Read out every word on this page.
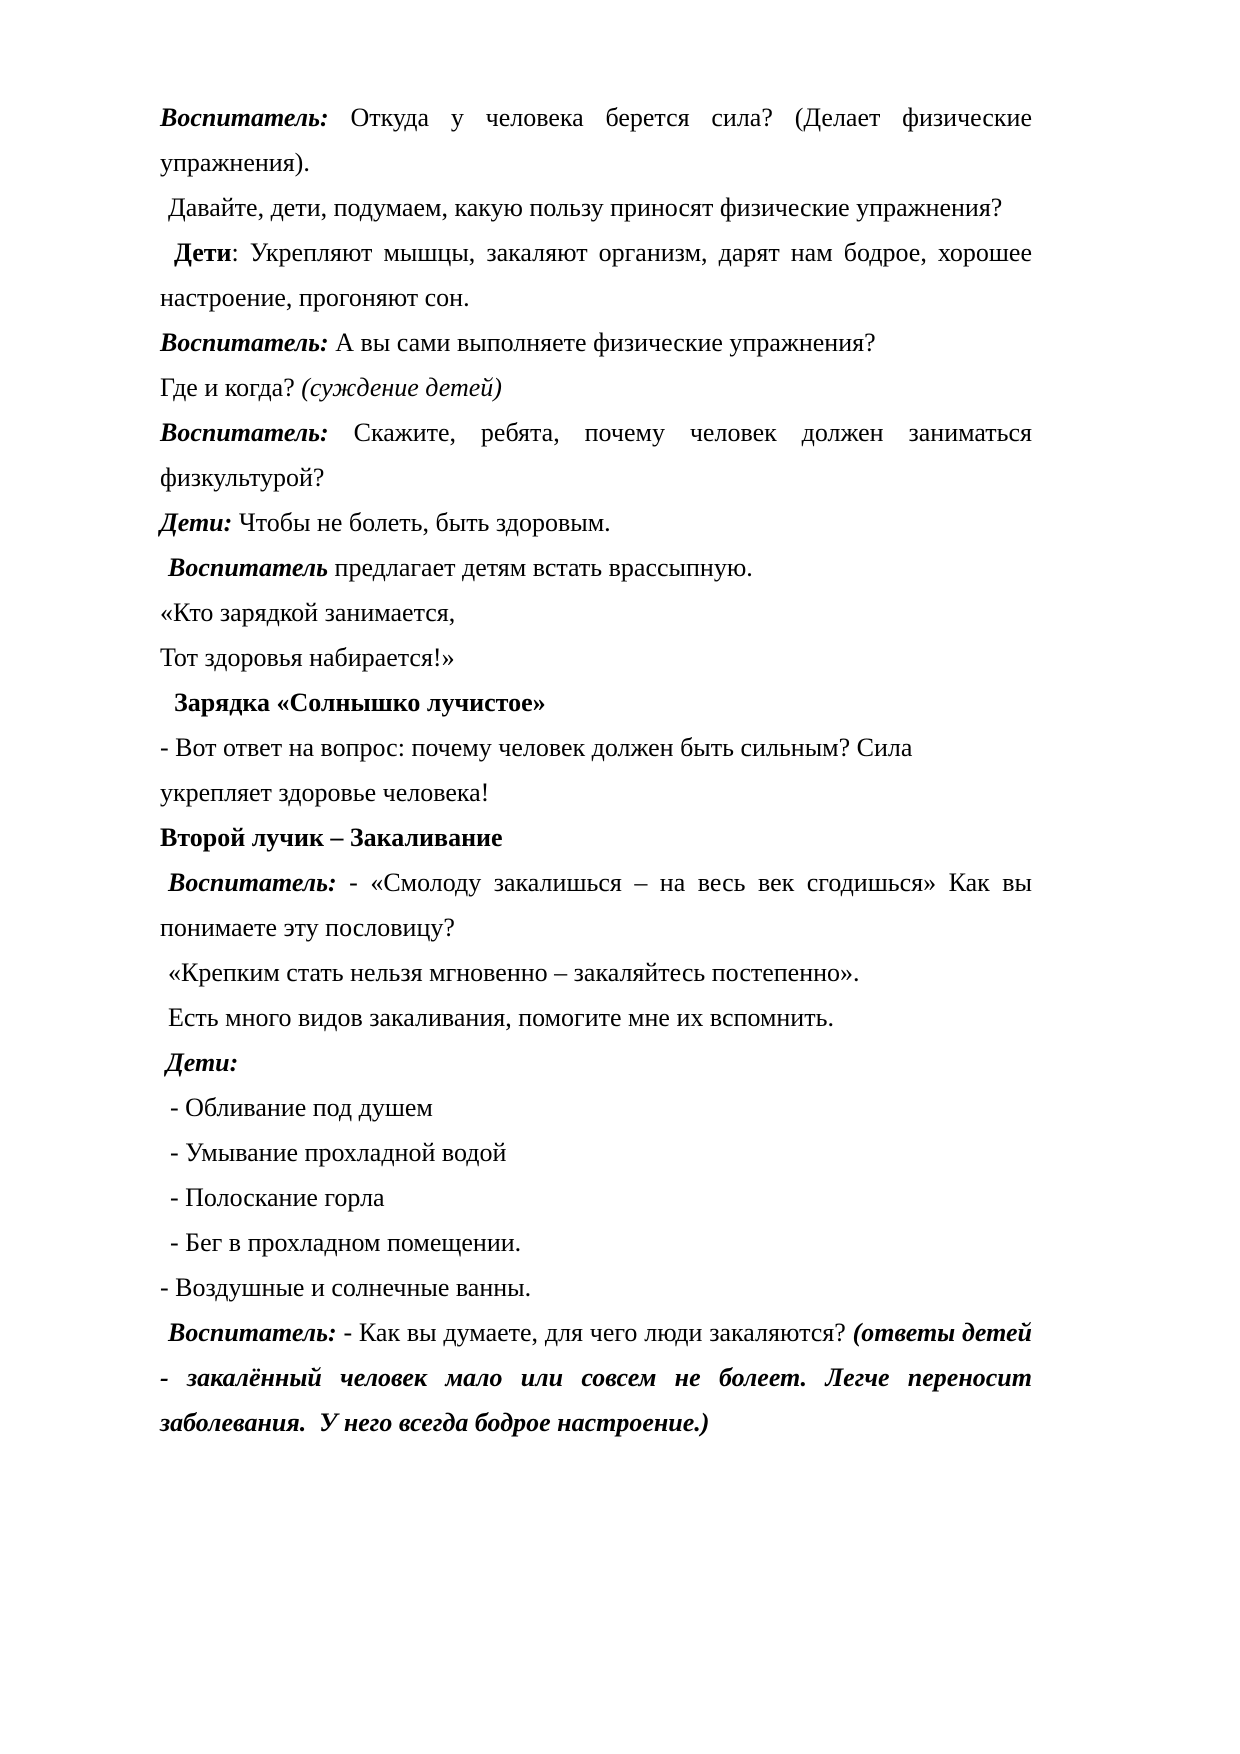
Воспитатель: Откуда у человека берется сила? (Делает физические упражнения).

Давайте, дети, подумаем, какую пользу приносят физические упражнения?

Дети: Укрепляют мышцы, закаляют организм, дарят нам бодрое, хорошее настроение, прогоняют сон.

Воспитатель: А вы сами выполняете физические упражнения?

Где и когда? (суждение детей)

Воспитатель: Скажите, ребята, почему человек должен заниматься физкультурой?

Дети: Чтобы не болеть, быть здоровым.

Воспитатель предлагает детям встать врассыпную.

«Кто зарядкой занимается,

Тот здоровья набирается!»

Зарядка «Солнышко лучистое»

- Вот ответ на вопрос: почему человек должен быть сильным? Сила

укрепляет здоровье человека!

Второй лучик – Закаливание

Воспитатель: - «Смолоду закалишься – на весь век сгодишься» Как вы понимаете эту пословицу?

«Крепким стать нельзя мгновенно – закаляйтесь постепенно».

Есть много видов закаливания, помогите мне их вспомнить.

Дети:

- Обливание под душем

- Умывание прохладной водой

- Полоскание горла

- Бег в прохладном помещении.

- Воздушные и солнечные ванны.

Воспитатель: - Как вы думаете, для чего люди закаляются? (ответы детей - закалённый человек мало или совсем не болеет. Легче переносит заболевания.  У него всегда бодрое настроение.)
